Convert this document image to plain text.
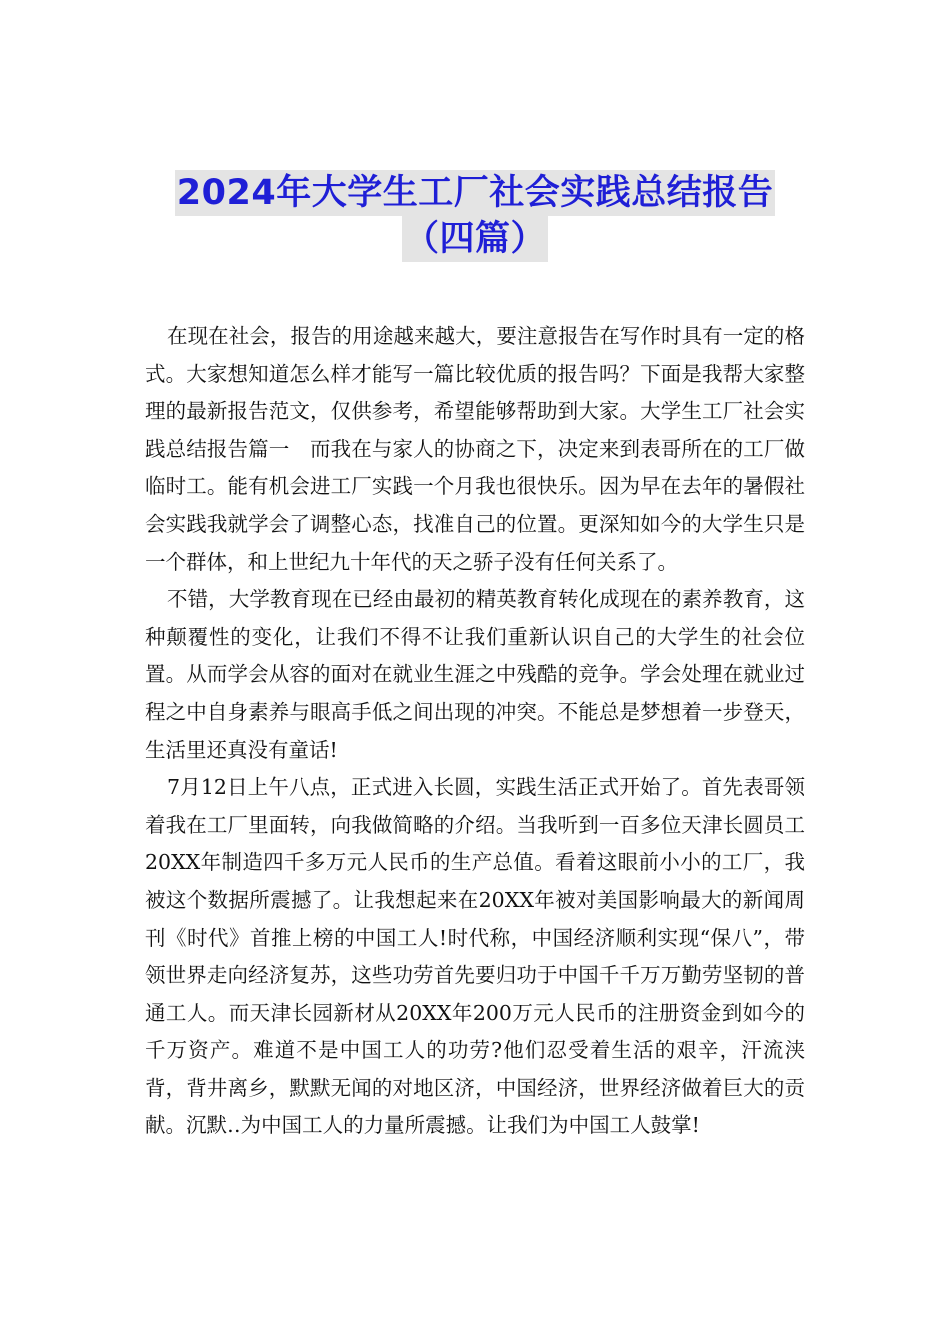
2024年大学生工厂社会实践总结报告
（四篇）

在现在社会，报告的用途越来越大，要注意报告在写作时具有一定的格式。大家想知道怎么样才能写一篇比较优质的报告吗？下面是我帮大家整理的最新报告范文，仅供参考，希望能够帮助到大家。大学生工厂社会实践总结报告篇一　而我在与家人的协商之下，决定来到表哥所在的工厂做临时工。能有机会进工厂实践一个月我也很快乐。因为早在去年的暑假社会实践我就学会了调整心态，找准自己的位置。更深知如今的大学生只是一个群体，和上世纪九十年代的天之骄子没有任何关系了。

不错，大学教育现在已经由最初的精英教育转化成现在的素养教育，这种颠覆性的变化，让我们不得不让我们重新认识自己的大学生的社会位置。从而学会从容的面对在就业生涯之中残酷的竞争。学会处理在就业过程之中自身素养与眼高手低之间出现的冲突。不能总是梦想着一步登天，生活里还真没有童话!

7月12日上午八点，正式进入长圆，实践生活正式开始了。首先表哥领着我在工厂里面转，向我做简略的介绍。当我听到一百多位天津长圆员工20XX年制造四千多万元人民币的生产总值。看着这眼前小小的工厂，我被这个数据所震撼了。让我想起来在20XX年被对美国影响最大的新闻周刊《时代》首推上榜的中国工人!时代称，中国经济顺利实现“保八”，带领世界走向经济复苏，这些功劳首先要归功于中国千千万万勤劳坚韧的普通工人。而天津长园新材从20XX年200万元人民币的注册资金到如今的千万资产。难道不是中国工人的功劳?他们忍受着生活的艰辛，汗流浃背，背井离乡，默默无闻的对地区济，中国经济，世界经济做着巨大的贡献。沉默‥为中国工人的力量所震撼。让我们为中国工人鼓掌!
